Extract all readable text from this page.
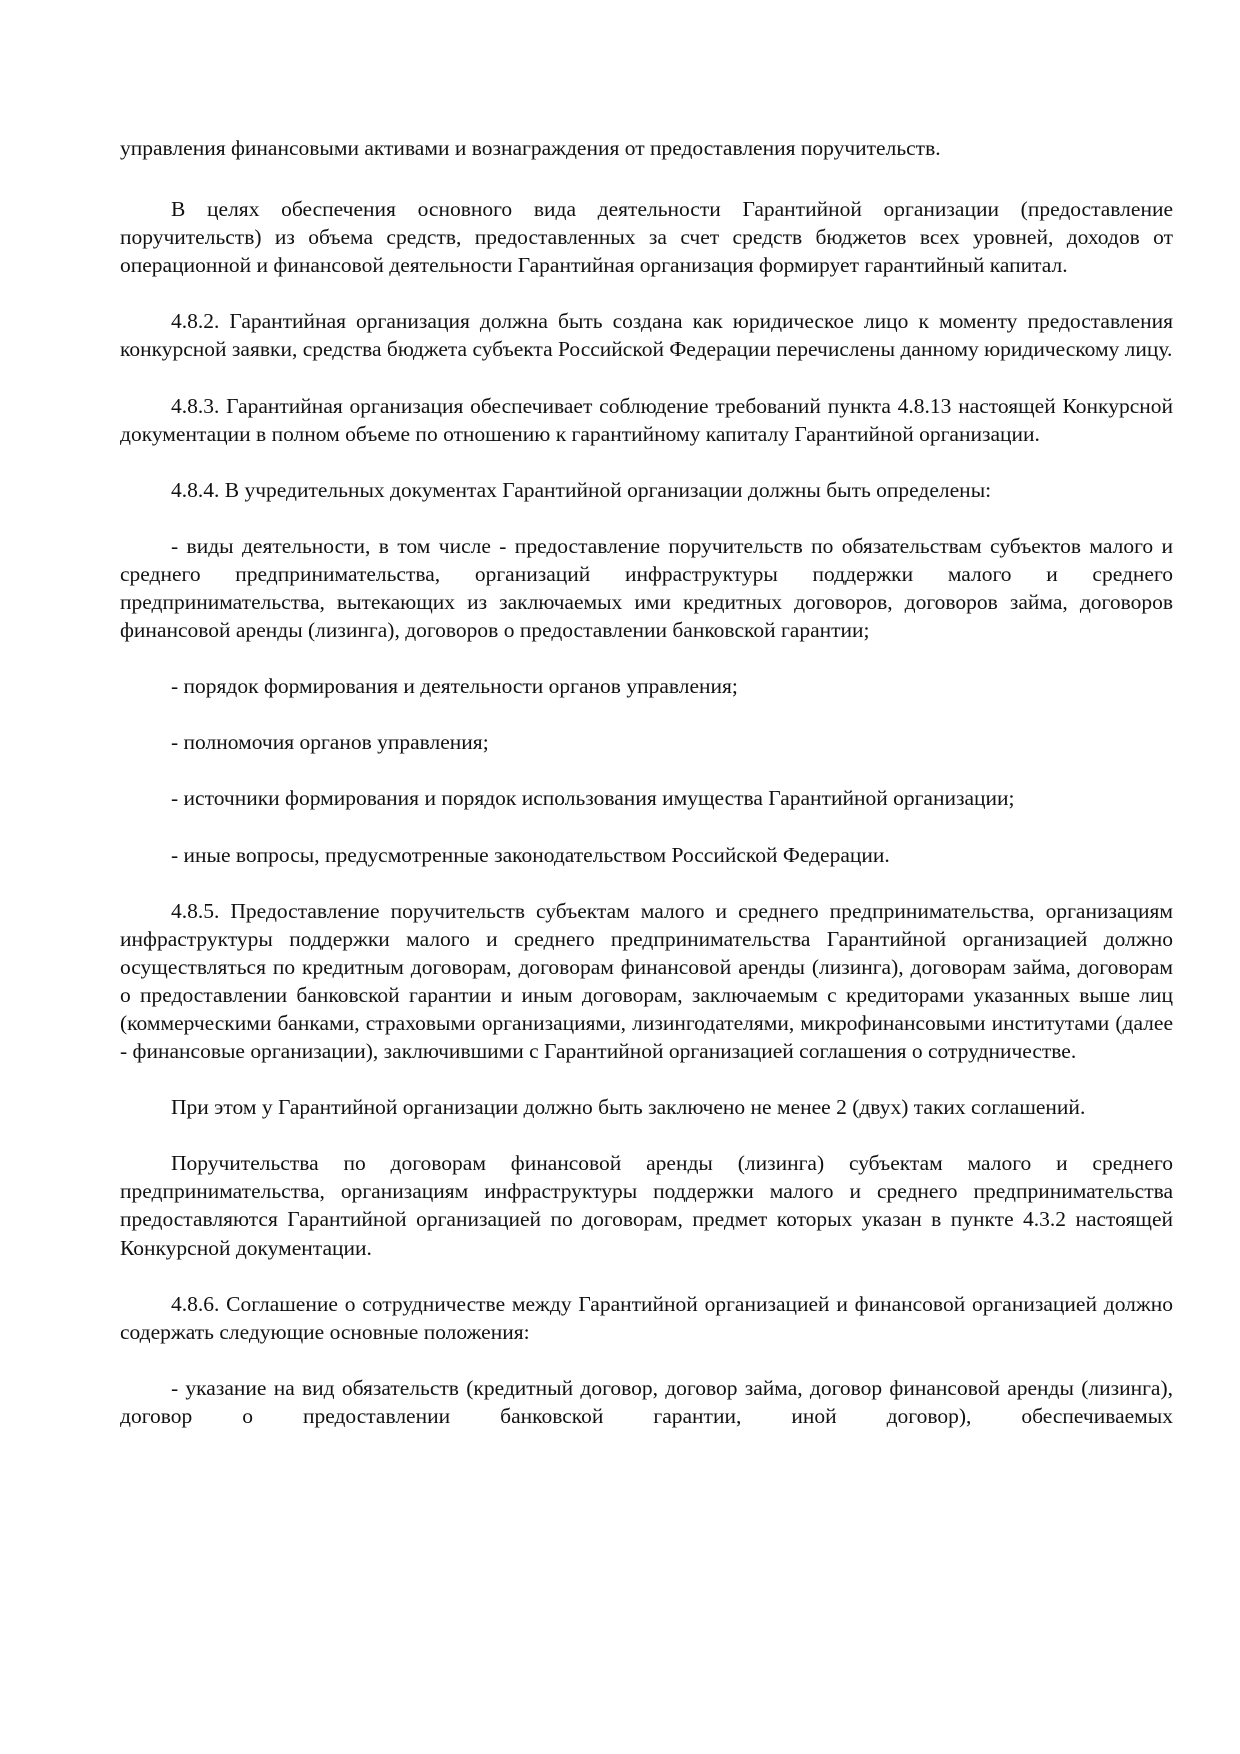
управления финансовыми активами и вознаграждения от предоставления поручительств.

В целях обеспечения основного вида деятельности Гарантийной организации (предоставление поручительств) из объема средств, предоставленных за счет средств бюджетов всех уровней, доходов от операционной и финансовой деятельности Гарантийная организация формирует гарантийный капитал.

4.8.2. Гарантийная организация должна быть создана как юридическое лицо к моменту предоставления конкурсной заявки, средства бюджета субъекта Российской Федерации перечислены данному юридическому лицу.

4.8.3. Гарантийная организация обеспечивает соблюдение требований пункта 4.8.13 настоящей Конкурсной документации в полном объеме по отношению к гарантийному капиталу Гарантийной организации.

4.8.4. В учредительных документах Гарантийной организации должны быть определены:

- виды деятельности, в том числе - предоставление поручительств по обязательствам субъектов малого и среднего предпринимательства, организаций инфраструктуры поддержки малого и среднего предпринимательства, вытекающих из заключаемых ими кредитных договоров, договоров займа, договоров финансовой аренды (лизинга), договоров о предоставлении банковской гарантии;

- порядок формирования и деятельности органов управления;

- полномочия органов управления;

- источники формирования и порядок использования имущества Гарантийной организации;

- иные вопросы, предусмотренные законодательством Российской Федерации.

4.8.5. Предоставление поручительств субъектам малого и среднего предпринимательства, организациям инфраструктуры поддержки малого и среднего предпринимательства Гарантийной организацией должно осуществляться по кредитным договорам, договорам финансовой аренды (лизинга), договорам займа, договорам о предоставлении банковской гарантии и иным договорам, заключаемым с кредиторами указанных выше лиц (коммерческими банками, страховыми организациями, лизингодателями, микрофинансовыми институтами (далее - финансовые организации), заключившими с Гарантийной организацией соглашения о сотрудничестве.

При этом у Гарантийной организации должно быть заключено не менее 2 (двух) таких соглашений.

Поручительства по договорам финансовой аренды (лизинга) субъектам малого и среднего предпринимательства, организациям инфраструктуры поддержки малого и среднего предпринимательства предоставляются Гарантийной организацией по договорам, предмет которых указан в пункте 4.3.2 настоящей Конкурсной документации.

4.8.6. Соглашение о сотрудничестве между Гарантийной организацией и финансовой организацией должно содержать следующие основные положения:

- указание на вид обязательств (кредитный договор, договор займа, договор финансовой аренды (лизинга), договор о предоставлении банковской гарантии, иной договор), обеспечиваемых
